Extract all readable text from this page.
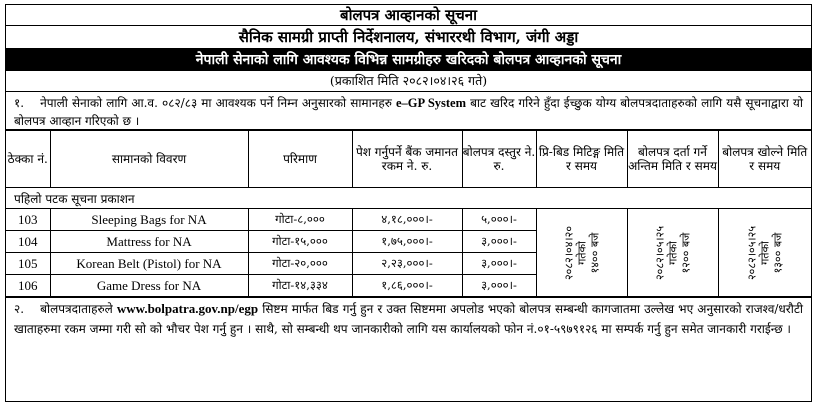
बोलपत्र आव्हानको सूचना
सैनिक सामग्री प्राप्ती निर्देशनालय, संभाररथी विभाग, जंगी अड्डा
नेपाली सेनाको लागि आवश्यक विभिन्न सामग्रीहरु खरिदको बोलपत्र आव्हानको सूचना
(प्रकाशित मिति २०८२।०४।२६ गते)
१. नेपाली सेनाको लागि आ.व. ०८२/८३ मा आवश्यक पर्ने निम्न अनुसारको सामानहरु e–GP System बाट खरिद गरिने हुँदा ईच्छुक योग्य बोलपत्रदाताहरुको लागि यसै सूचनाद्वारा यो बोलपत्र आव्हान गरिएको छ ।
ठेक्का नं.	सामानको विवरण	परिमाण	पेश गर्नुपर्ने बैंक जमानत रकम ने. रु.	बोलपत्र दस्तुर ने. रु.	प्रि-बिड मिटिङ्ग मिति र समय	बोलपत्र दर्ता गर्ने अन्तिम मिति र समय	बोलपत्र खोल्ने मिति र समय
पहिलो पटक सूचना प्रकाशन							
103	Sleeping Bags for NA	गोटा-८,०००	४,१८,०००।-	५,०००।-	२०८२।०४।२० गतेको १४०० बजे	२०८२।०५।२५ गतेको १२०० बजे	२०८२।०५।२५ गतेको १३०० बजे

104	Mattress for NA	गोटा-१५,०००	१,७५,०००।-	३,०००।-			
105	Korean Belt (Pistol) for NA	गोटा-२०,०००	२,२३,०००।-	३,०००।-			
106	Game Dress for NA	गोटा-१४,३३४	१,८६,०००।-	३,०००।-			
२. बोलपत्रदाताहरुले www.bolpatra.gov.np/egp सिष्टम मार्फत बिड गर्नु हुन र उक्त सिष्टममा अपलोड भएको बोलपत्र सम्बन्धी कागजातमा उल्लेख भए अनुसारको राजश्व/धरौटी खाताहरुमा रकम जम्मा गरी सो को भौचर पेश गर्नु हुन । साथै, सो सम्बन्धी थप जानकारीको लागि यस कार्यालयको फोन नं.०१-५९७९१२६ मा सम्पर्क गर्नु हुन समेत जानकारी गराईन्छ ।
